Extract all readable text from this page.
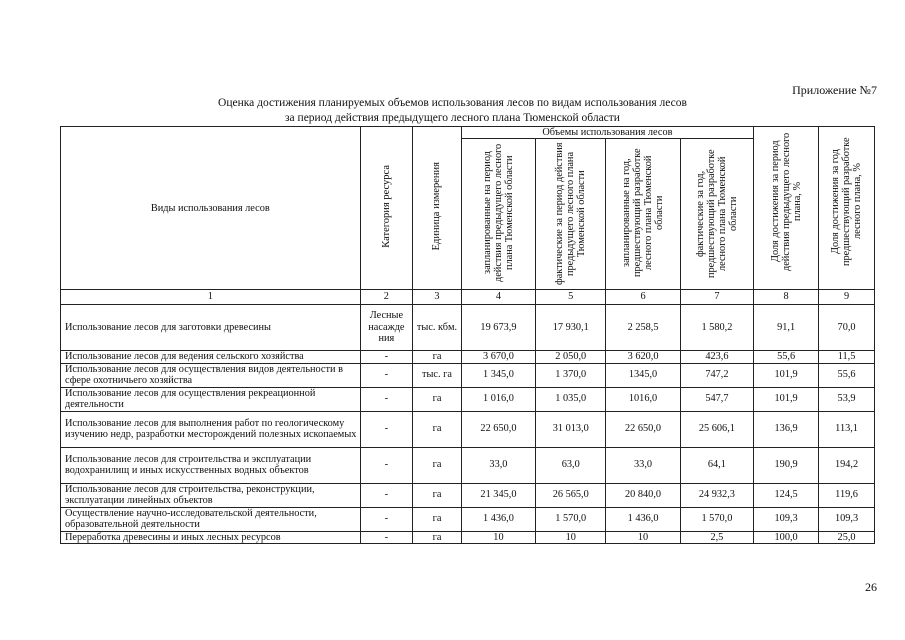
Приложение №7
Оценка достижения планируемых объемов использования лесов по видам использования лесов
за период действия предыдущего лесного плана Тюменской области
Виды использования лесов	Категория ресурса	Единица измерения	Объемы использования лесов				Доля достижения за период действия предыдущего лесного плана, %	Доля достижения за год предшествующий разработке лесного плана, %
			запланированные на период действия предыдущего лесного плана Тюменской области	фактические за период действия предыдущего лесного плана Тюменской области	запланированные на год, предшествующий разработке лесного плана Тюменской области	фактические за год, предшествующий разработке лесного плана Тюменской области		
1	2	3	4	5	6	7	8	9
Использование лесов для заготовки древесины	Лесные насажде ния	тыс. кбм.	19 673,9	17 930,1	2 258,5	1 580,2	91,1	70,0
Использование лесов для ведения сельского хозяйства	-	га	3 670,0	2 050,0	3 620,0	423,6	55,6	11,5
Использование лесов для осуществления видов деятельности в сфере охотничьего хозяйства	-	тыс. га	1 345,0	1 370,0	1345,0	747,2	101,9	55,6
Использование лесов для осуществления рекреационной деятельности	-	га	1 016,0	1 035,0	1016,0	547,7	101,9	53,9
Использование лесов для выполнения работ по геологическому изучению недр, разработки месторождений полезных ископаемых	-	га	22 650,0	31 013,0	22 650,0	25 606,1	136,9	113,1
Использование лесов для строительства и эксплуатации водохранилищ и иных искусственных водных объектов	-	га	33,0	63,0	33,0	64,1	190,9	194,2
Использование лесов для строительства, реконструкции, эксплуатации линейных объектов	-	га	21 345,0	26 565,0	20 840,0	24 932,3	124,5	119,6
Осуществление научно-исследовательской деятельности, образовательной деятельности	-	га	1 436,0	1 570,0	1 436,0	1 570,0	109,3	109,3
Переработка древесины и иных лесных ресурсов	-	га	10	10	10	2,5	100,0	25,0
26
